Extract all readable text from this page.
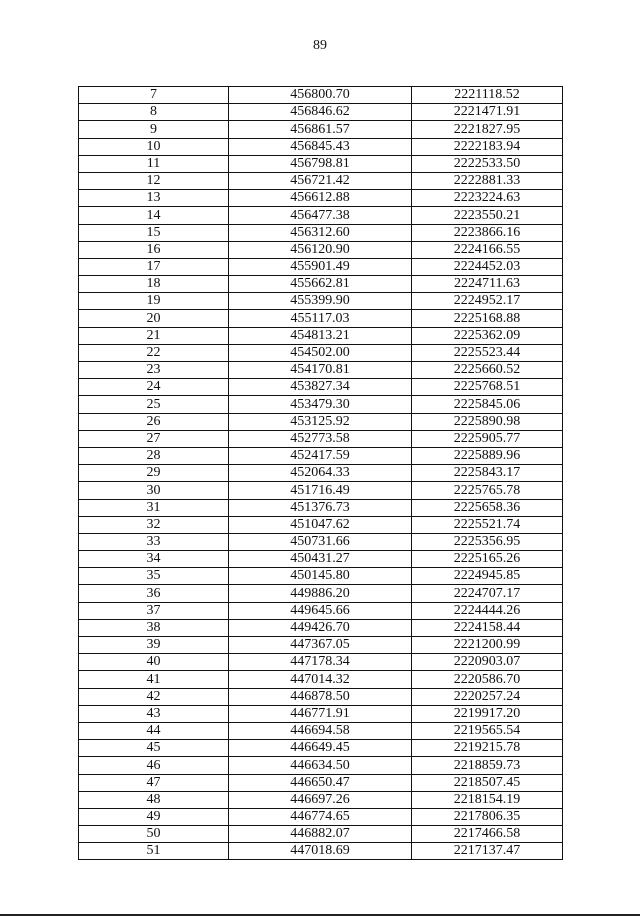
89
7	456800.70	2221118.52
8	456846.62	2221471.91
9	456861.57	2221827.95
10	456845.43	2222183.94
11	456798.81	2222533.50
12	456721.42	2222881.33
13	456612.88	2223224.63
14	456477.38	2223550.21
15	456312.60	2223866.16
16	456120.90	2224166.55
17	455901.49	2224452.03
18	455662.81	2224711.63
19	455399.90	2224952.17
20	455117.03	2225168.88
21	454813.21	2225362.09
22	454502.00	2225523.44
23	454170.81	2225660.52
24	453827.34	2225768.51
25	453479.30	2225845.06
26	453125.92	2225890.98
27	452773.58	2225905.77
28	452417.59	2225889.96
29	452064.33	2225843.17
30	451716.49	2225765.78
31	451376.73	2225658.36
32	451047.62	2225521.74
33	450731.66	2225356.95
34	450431.27	2225165.26
35	450145.80	2224945.85
36	449886.20	2224707.17
37	449645.66	2224444.26
38	449426.70	2224158.44
39	447367.05	2221200.99
40	447178.34	2220903.07
41	447014.32	2220586.70
42	446878.50	2220257.24
43	446771.91	2219917.20
44	446694.58	2219565.54
45	446649.45	2219215.78
46	446634.50	2218859.73
47	446650.47	2218507.45
48	446697.26	2218154.19
49	446774.65	2217806.35
50	446882.07	2217466.58
51	447018.69	2217137.47
